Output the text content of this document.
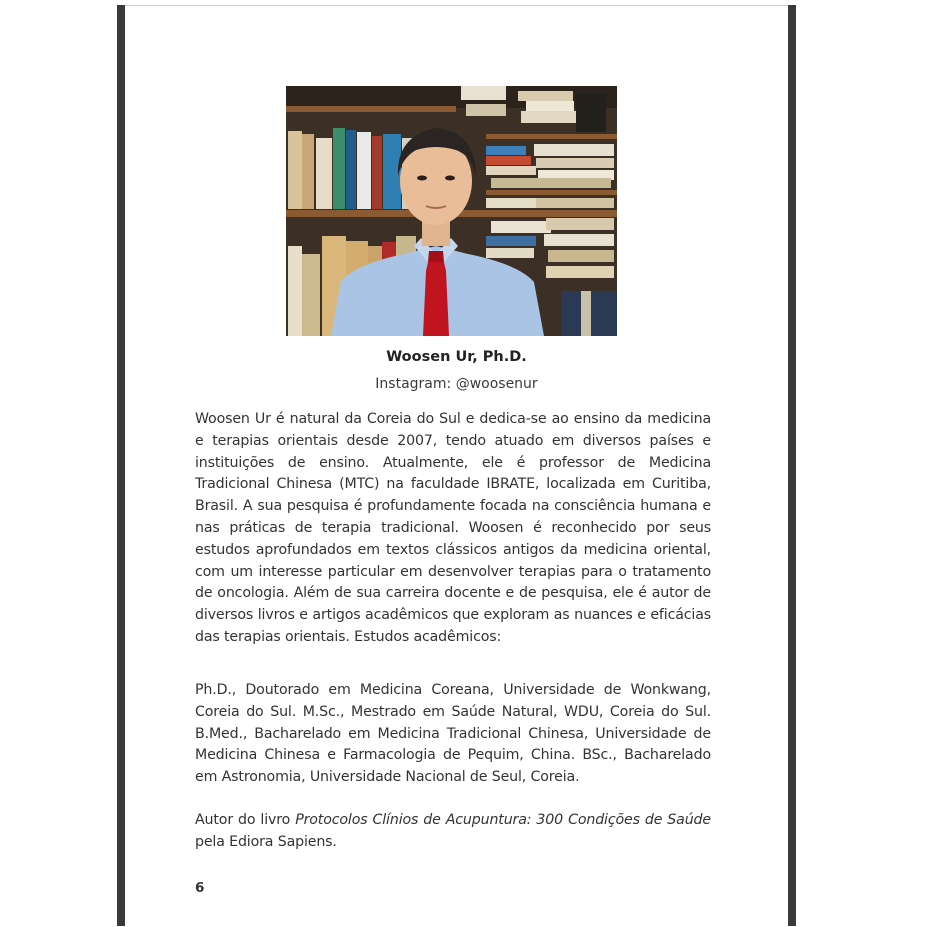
Woosen Ur, Ph.D.
Instagram: @woosenur
Woosen Ur é natural da Coreia do Sul e dedica-se ao ensino da medicina e terapias orientais desde 2007, tendo atuado em diversos países e instituições de ensino. Atualmente, ele é professor de Medicina Tradicional Chinesa (MTC) na faculdade IBRATE, localizada em Curitiba, Brasil. A sua pesquisa é profundamente focada na consciência humana e nas práticas de terapia tradicional. Woosen é reconhecido por seus estudos aprofundados em textos clássicos antigos da medicina oriental, com um interesse particular em desenvolver terapias para o tratamento de oncologia. Além de sua carreira docente e de pesquisa, ele é autor de diversos livros e artigos acadêmicos que exploram as nuances e eficácias das terapias orientais. Estudos acadêmicos:
Ph.D., Doutorado em Medicina Coreana, Universidade de Wonkwang, Coreia do Sul. M.Sc., Mestrado em Saúde Natural, WDU, Coreia do Sul. B.Med., Bacharelado em Medicina Tradicional Chinesa, Universidade de Medicina Chinesa e Farmacologia de Pequim, China. BSc., Bacharelado em Astronomia, Universidade Nacional de Seul, Coreia.
Autor do livro Protocolos Clínios de Acupuntura: 300 Condições de Saúde pela Ediora Sapiens.
6
